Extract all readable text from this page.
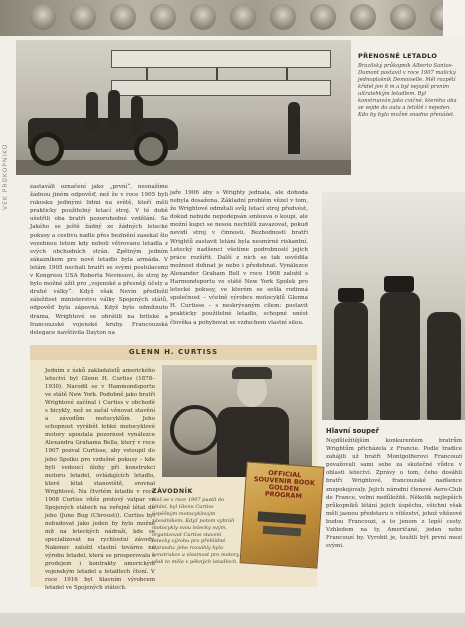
VEK PRŮKOPNÍKŮ
PŘENOSNÉ LETADLO
Brazilský průkopník Alberto Santos-Dumont postavil v roce 1907 malický jednoplošník Demoiselle. Měl rozpětí křídel jen 6 m a byl nejspíš prvním ultralehkým letadlem. Byl konstruován jako cvičné, kterého oba se vejde do auta a letiště i nejeden. Kdo by bylo možné snadno přenášet.
zastaváli označení jako „první“, nesnažíme žádnou jiném odpověď, než že v roce 1905 byli rukosku jedinými lidmi na světě, kteří měli prakticky použitelný letací stroj. V té době ušetřili oba bratři pozoruhodné vzdělání. Se Jakého se ještě žádný ze žádných letecké pokusy a cestivu nadle přes bezlnění zasekal šlo vozebnou letem kdy neboli větrovanu letadla z svých obchodních strán. Zpětným jedním zákazníkem pro nové letadlo byla armáda. V letám 1905 nechali bratři se svými postulacemi v Kongresu USA Roberta Nevinsovi, že stroj by bylo možné užít pro „vojenské a přesnějí účely a druhé války“. Když však Nevin předložil záležitost ministerstvu války Spojených států, odpověď byla zápovná. Když bylo odmítnuto drama, Wrightové se obrátili na britské a francouzské vojenské kruhy. Francouzská delegace navštívila Dayton na
jaře 1906 aby s Wrighty jednala, ale dohoda nebyla dosažena. Základní problém vězel v tom, že Wrightové odmítali svůj letací stroj předvést, dokud nebude nepodepsán smlouva o koupi, ale možní kupci se nesou nechtěli zavazovat, pokud nevidí stroj v činnosti. Bezhodnosti bratři Wrightů zastavit letání byla nesmírně riskantní. Letecký nadšenci všetíme podrobností jejich práce rozšířit. Další z nich se tak osvědila možnost dohnat je nebo i předehnat. Vynálezce Alexander Graham Bell v roce 1908 založil s Harmondsportu ve státě New York Spolek pro letecké pokusy, ve kterém se sešla rodinná společnost – včetně výrobce motocyklů Glenna H. Curtisse – s neskrývaným cílem: postavit prakticky použitelné letadlo, schopné unést člověka a pohybovat se vzduchem vlastní silou.
GLENN H. CURTISS
Jedním z úsků zakladatelů amerického letectví byl Glenn H. Curtiss (1878–1930). Narodil se v Hammondsportu ve státě New York. Podobně jako bratři Wrightové začínal i Curtiss v obchodě s bicykly, než se začal věnovat stavění a závodům motocyklům. Jeho schopnost vyrábět lehké motocyklové motory upoutala pozornost vynálezce Alexandra Grahama Bella, který v roce 1907 pozval Curtisse, aby vstoupil do jeho Spolku pro vzdušné pokusy – kde byli vedoucí úlohy při konstrukci motoru letadel, ovládajících letadlo, které létat stanoviště, srovnal Wrightové. Na čtvrtém letadle v roce 1908 Curtiss vítěz prstový vatpar ve Spojených státech na veřejně létat do jeho (June Bug (Chroust)). Curtiss byl nebudovat jako jeden by bylo možné mít na leteckých nádraží, kde se specializovat na rychlostní závody. Nakonec založil vlastní továrnu na výrobu letadel, která se prosperovala s prodejem i kontrakty americkým vojenským letadel a letadlech čtení. V roce 1916 byl hlavním výrobcem letadel ve Spojených státech.
ZÁVODNÍK
Než se v roce 1907 pustil do létání, byl Glenn Curtiss úspěšným motocyklovým závodníkem. Když potom vyhráli motocykly svou letecky svým, organizovat Curtiss stavení letecky výrobu pro přehlídné. Opravdu: jeho rozsáhly byla konstrukce a vlastnost pro motory, však to měla v pěkných letadlech.
OFFICIAL SOUVENIR BOOK GOLDEN PROGRAM
Hlavní soupeř
Nejdůležitějším konkurentem bratrům Wrightům přicházela z Francie. Podle tradice zahájili už bratři Montgolfierovi Francouzi považovali sami sebe za skutečné vůdce v oblasti letectví. Zprávy o tom, čeho dosáhli bratři Wrightové, francouzské nadšence znepokojovaly. Jejich národní členové Aero-Club de France, velmi nedůležitě. Několik nejlepších průkopníků létání jejich úspěchu, všichni však měli jasnou představu o vítězství, jehož vítězové budou Francouzi, a to jenom z lepší cesty. Vzhledem na ty, Američané, jeden nebo Francouzí by. Vyrobit je, toužili být první mezi svými.
